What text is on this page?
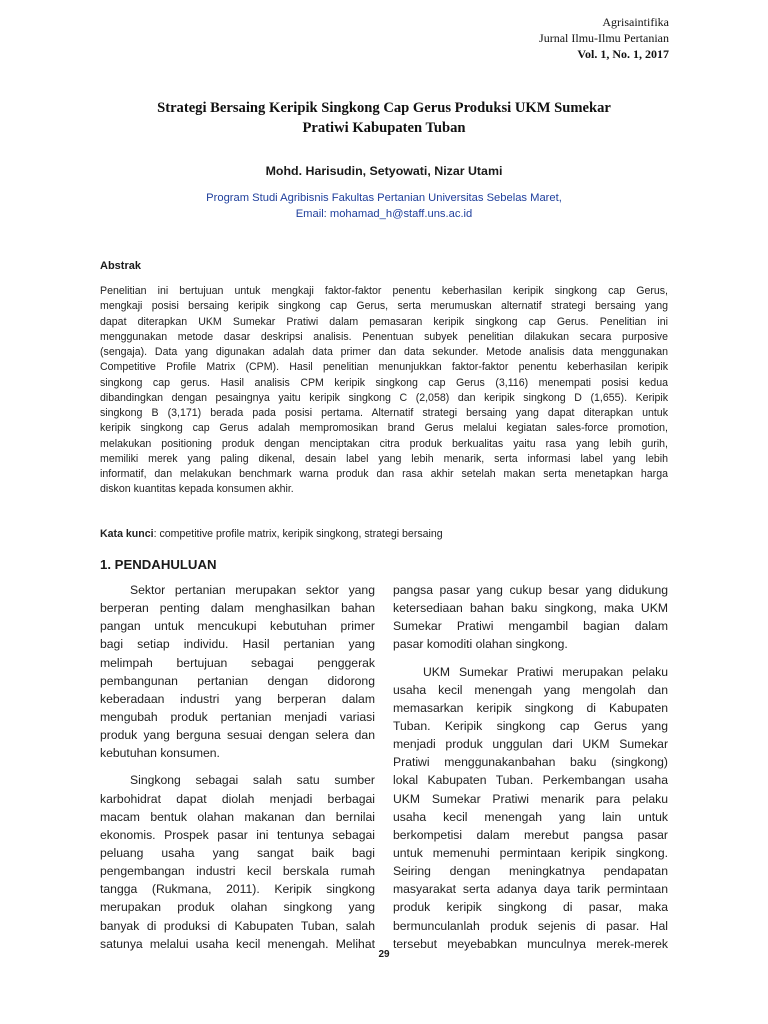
Agrisaintifika
Jurnal Ilmu-Ilmu Pertanian
Vol. 1, No. 1, 2017
Strategi Bersaing Keripik Singkong Cap Gerus Produksi UKM Sumekar
Pratiwi Kabupaten Tuban
Mohd. Harisudin, Setyowati, Nizar Utami
Program Studi Agribisnis Fakultas Pertanian Universitas Sebelas Maret,
Email: mohamad_h@staff.uns.ac.id
Abstrak
Penelitian ini bertujuan untuk mengkaji faktor-faktor penentu keberhasilan keripik singkong cap Gerus,
mengkaji posisi bersaing keripik singkong cap Gerus, serta merumuskan alternatif strategi bersaing yang
dapat diterapkan UKM Sumekar Pratiwi dalam pemasaran keripik singkong cap Gerus. Penelitian ini
menggunakan metode dasar deskripsi analisis. Penentuan subyek penelitian dilakukan secara purposive
(sengaja). Data yang digunakan adalah data primer dan data sekunder. Metode analisis data menggunakan
Competitive Profile Matrix (CPM). Hasil penelitian menunjukkan faktor-faktor penentu keberhasilan keripik
singkong cap gerus. Hasil analisis CPM keripik singkong cap Gerus (3,116) menempati posisi kedua
dibandingkan dengan pesaingnya yaitu keripik singkong C (2,058) dan keripik singkong D (1,655). Keripik
singkong B (3,171) berada pada posisi pertama. Alternatif strategi bersaing yang dapat diterapkan untuk
keripik singkong cap Gerus adalah mempromosikan brand Gerus melalui kegiatan sales-force promotion,
melakukan positioning produk dengan menciptakan citra produk berkualitas yaitu rasa yang lebih gurih,
memiliki merek yang paling dikenal, desain label yang lebih menarik, serta informasi label yang lebih
informatif, dan melakukan benchmark warna produk dan rasa akhir setelah makan serta menetapkan harga
diskon kuantitas kepada konsumen akhir.
Kata kunci: competitive profile matrix, keripik singkong, strategi bersaing
1. PENDAHULUAN
Sektor pertanian merupakan sektor yang
berperan penting dalam menghasilkan bahan
pangan untuk mencukupi kebutuhan primer
bagi setiap individu. Hasil pertanian yang
melimpah bertujuan sebagai penggerak
pembangunan pertanian dengan didorong
keberadaan industri yang berperan dalam
mengubah produk pertanian menjadi variasi
produk yang berguna sesuai dengan selera dan
kebutuhan konsumen.
Singkong sebagai salah satu sumber
karbohidrat dapat diolah menjadi berbagai
macam bentuk olahan makanan dan bernilai
ekonomis. Prospek pasar ini tentunya sebagai
peluang usaha yang sangat baik bagi
pengembangan industri kecil berskala rumah
tangga (Rukmana, 2011). Keripik singkong
merupakan produk olahan singkong yang
banyak di produksi di Kabupaten Tuban, salah
satunya melalui usaha kecil menengah. Melihat
pangsa pasar yang cukup besar yang didukung
ketersediaan bahan baku singkong, maka UKM
Sumekar Pratiwi mengambil bagian dalam
pasar komoditi olahan singkong.
UKM Sumekar Pratiwi merupakan pelaku
usaha kecil menengah yang mengolah dan
memasarkan keripik singkong di Kabupaten
Tuban. Keripik singkong cap Gerus yang
menjadi produk unggulan dari UKM Sumekar
Pratiwi menggunakanbahan baku (singkong)
lokal Kabupaten Tuban. Perkembangan usaha
UKM Sumekar Pratiwi menarik para pelaku
usaha kecil menengah yang lain untuk
berkompetisi dalam merebut pangsa pasar
untuk memenuhi permintaan keripik singkong.
Seiring dengan meningkatnya pendapatan
masyarakat serta adanya daya tarik permintaan
produk keripik singkong di pasar, maka
bermunculanlah produk sejenis di pasar. Hal
tersebut meyebabkan munculnya merek-merek
29
